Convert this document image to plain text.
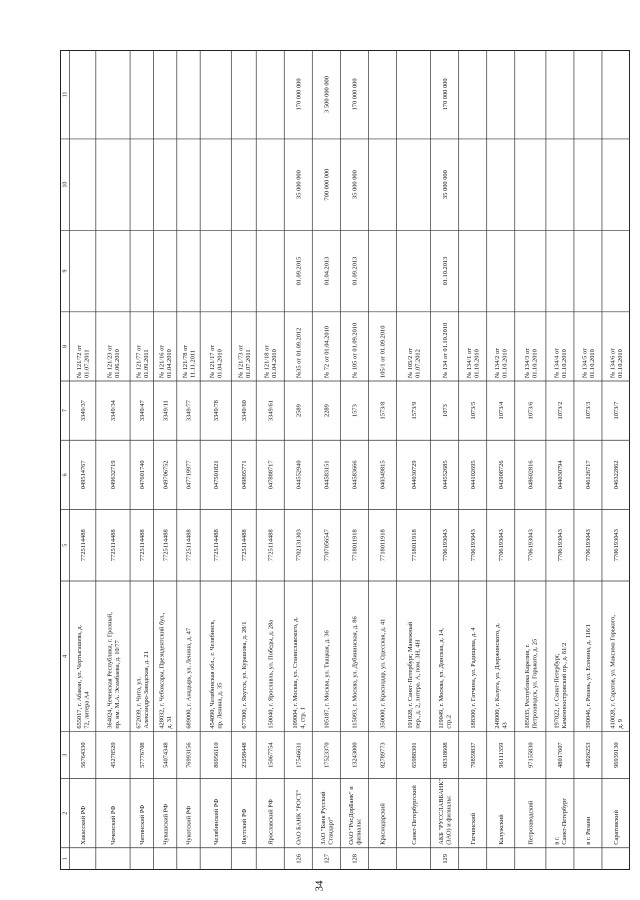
34
1
2
3
4
5
6
7
8
9
10
11
Хакасский РФ
56764330
655017, г. Абакан, ул. Чертыгашева, д. 72, литера А4
7725114488
049514767
3349/37
№ 121/72 от 01.07.2011
Чеченский РФ
45278520
364024, Чеченская Республика, г. Грозный, пр. им. М.А. Эсамбаева, д. 10/77
7725114488
049632719
3349/34
№ 121/23 от 01.06.2010
Читинский РФ
57776708
672039, г. Чита, ул. Александро-Заводская, д. 21
7725114488
047601740
3349/47
№ 121/77 от 01.09.2011
Чувашский РФ
54074348
428032, г. Чебоксары, Президентский бул., д. 31
7725114488
049706752
3349/11
№ 121/16 от 01.04.2010
Чукотский РФ
76993156
689000, г. Анадырь, ул. Ленина, д. 47
7725114488
047719977
3349/77
№ 121/78 от 11.11.2011
Челябинский РФ
86956110
454090, Челябинская обл., г. Челябинск, пр. Ленина, д. 35
7725114488
047501821
3349/78
№ 121/17 от 01.04.2010
Якутский РФ
23298448
677000, г. Якутск, ул. Курашова, д. 28/1
7725114488
049805771
3349/60
№ 121/73 от 01.07.2011
Ярославский РФ
15067754
150040, г. Ярославль, ул. Победы, д. 28а
7725114488
047888717
3349/61
№ 121/18 от 01.04.2010
126
ОАО БАНК "РОСТ"
17546631
109004, г. Москва, ул. Станиславского, д. 4, стр. 1
7702131303
044552940
2589
№35 от 01.09.2012
01.09.2015
35 000 000
170 000 000
127
ЗАО "Банк Русский Стандарт"
17523370
105187, г. Москва, ул. Ткацкая, д. 36
7707056547
044583151
2289
№ 72 от 01.04.2010
01.04.2013
700 000 000
3 500 000 000
128
ОАО "РосДорБанк" и филиалы:
13243000
115093, г. Москва, ул. Дубининская, д. 86
7718011918
044583666
1573
№ 105 от 01.09.2010
01.09.2013
35 000 000
170 000 000
Краснодарский
82789773
350000, г. Краснодар, ул. Одесская, д. 41
7718011918
040349815
1573/8
105/1 от 01.09.2010
Санкт-Петербургский
65988301
191028, г. Санкт-Петербург, Манежный пер., д. 2, литера. А, пом. 3Н, 4Н
7718011918
044030729
1573/9
№ 105/2 от 01.07.2012
129
АКБ "РУССЛАВБАНК" (ЗАО) и филиалы:
09318608
119049, г. Москва, ул. Донская, д. 14, стр.2
7706193043
044552685
1073
№ 134 от 01.10.2010
01.10.2013
35 000 000
170 000 000
Гатчинский
79859837
188300, г. Гатчина, ул. Радищева, д. 4
7706193043
044102695
1073/5
№ 134/1 от 01.10.2010
Калужский
96111359
248000, г. Калуга, ул. Дзержинского, д. 43
7706193043
042908726
1073/4
№ 134/2 от 01.10.2010
Петрозаводский
97155830
185035, Республика Карелия, г. Петрозаводск, ул. Горького, д. 25
7706193043
048602816
1073/6
№ 134/3 от 01.10.2010
в г. Санкт-Петербург
48017607
197022, г. Санкт-Петербург, Каменноостровский пр., д. 61/2
7706193043
044030794
1073/2
№ 134/4 от 01.10.2010
в г. Рязани
44926253
390046, г. Рязань, ул. Есенина, д. 116/1
7706193043
046126717
1073/3
№ 134/5 от 01.10.2010
Саратовский
96939130
410028, г. Саратов, ул. Максима Горького, д. 9
7706193043
046322862
1073/7
№ 134/6 от 01.10.2010
